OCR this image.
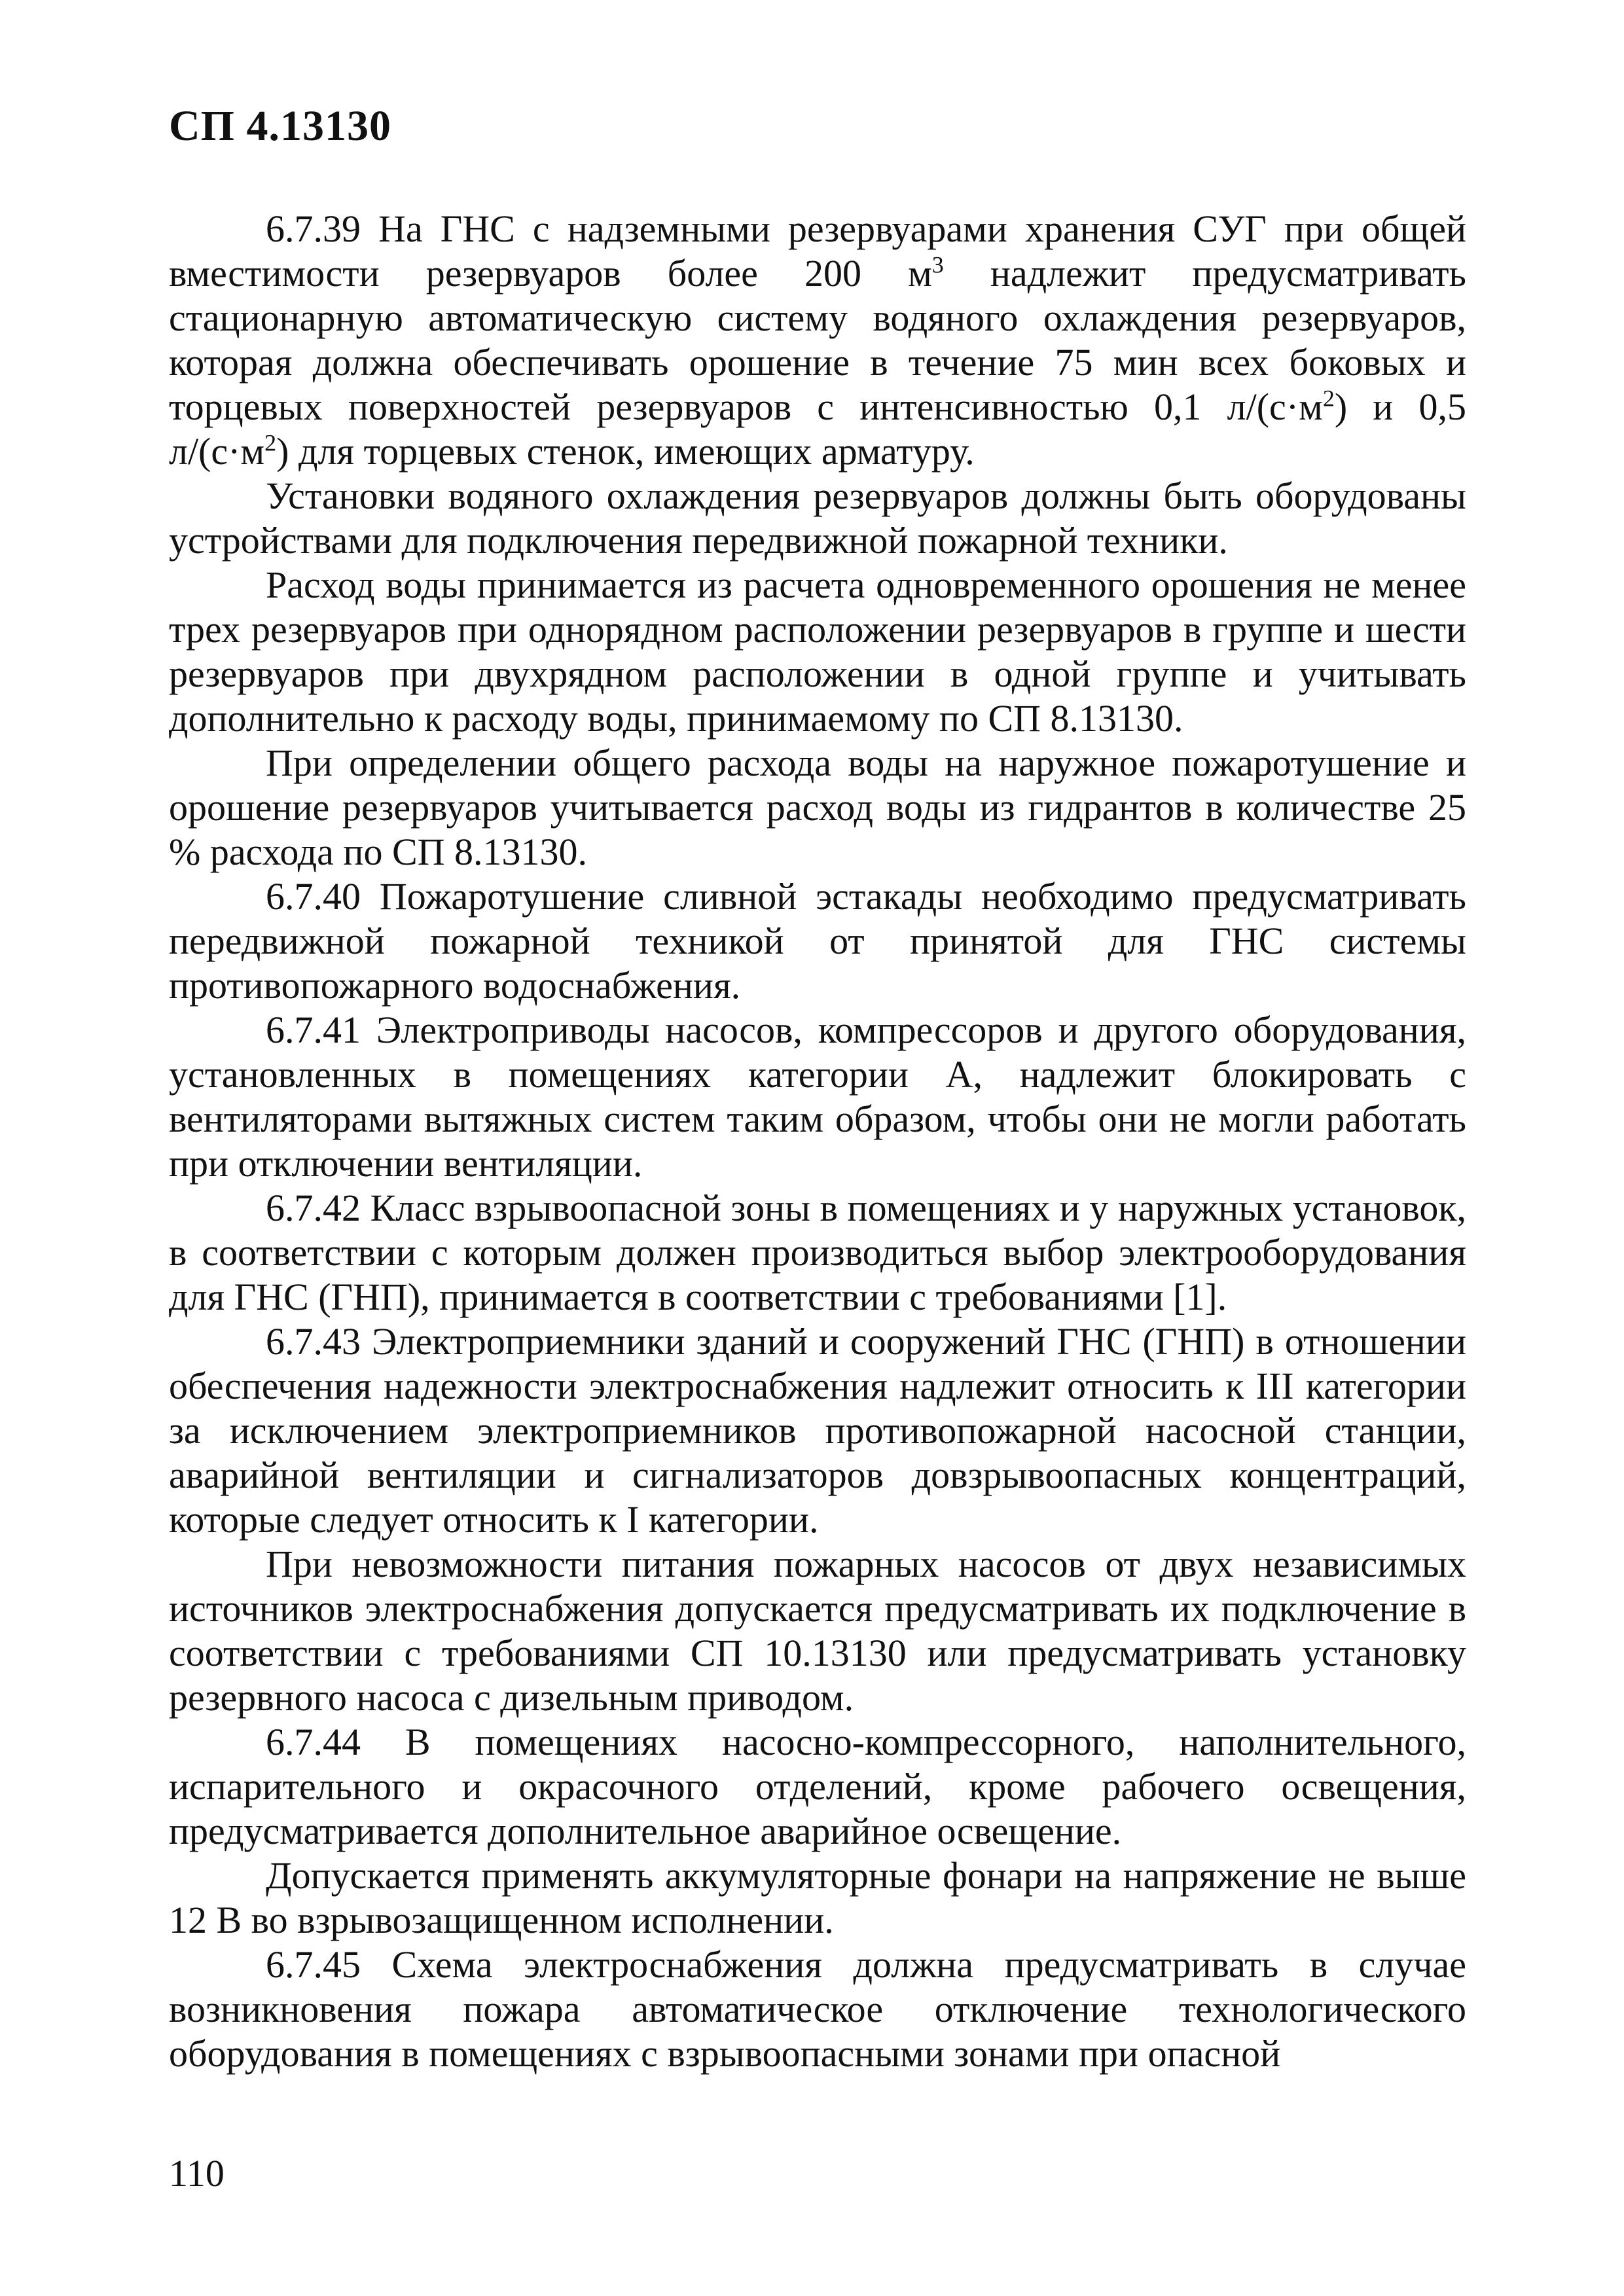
СП 4.13130

6.7.39 На ГНС с надземными резервуарами хранения СУГ при общей вместимости резервуаров более 200 $м^3$ надлежит предусматривать стационарную автоматическую систему водяного охлаждения резервуаров, которая должна обеспечивать орошение в течение 75 мин всех боковых и торцевых поверхностей резервуаров с интенсивностью 0,1 $л/(с\cdot м^2)$ и 0,5 $л/(с\cdot м^2)$ для торцевых стенок, имеющих арматуру.

Установки водяного охлаждения резервуаров должны быть оборудованы устройствами для подключения передвижной пожарной техники.

Расход воды принимается из расчета одновременного орошения не менее трех резервуаров при однорядном расположении резервуаров в группе и шести резервуаров при двухрядном расположении в одной группе и учитывать дополнительно к расходу воды, принимаемому по СП 8.13130.

При определении общего расхода воды на наружное пожаротушение и орошение резервуаров учитывается расход воды из гидрантов в количестве 25 % расхода по СП 8.13130.

6.7.40 Пожаротушение сливной эстакады необходимо предусматривать передвижной пожарной техникой от принятой для ГНС системы противопожарного водоснабжения.

6.7.41 Электроприводы насосов, компрессоров и другого оборудования, установленных в помещениях категории А, надлежит блокировать с вентиляторами вытяжных систем таким образом, чтобы они не могли работать при отключении вентиляции.

6.7.42 Класс взрывоопасной зоны в помещениях и у наружных установок, в соответствии с которым должен производиться выбор электрооборудования для ГНС (ГНП), принимается в соответствии с требованиями [1].

6.7.43 Электроприемники зданий и сооружений ГНС (ГНП) в отношении обеспечения надежности электроснабжения надлежит относить к III категории за исключением электроприемников противопожарной насосной станции, аварийной вентиляции и сигнализаторов довзрывоопасных концентраций, которые следует относить к I категории.

При невозможности питания пожарных насосов от двух независимых источников электроснабжения допускается предусматривать их подключение в соответствии с требованиями СП 10.13130 или предусматривать установку резервного насоса с дизельным приводом.

6.7.44 В помещениях насосно-компрессорного, наполнительного, испарительного и окрасочного отделений, кроме рабочего освещения, предусматривается дополнительное аварийное освещение.

Допускается применять аккумуляторные фонари на напряжение не выше 12 В во взрывозащищенном исполнении.

6.7.45 Схема электроснабжения должна предусматривать в случае возникновения пожара автоматическое отключение технологического оборудования в помещениях с взрывоопасными зонами при опасной

110
